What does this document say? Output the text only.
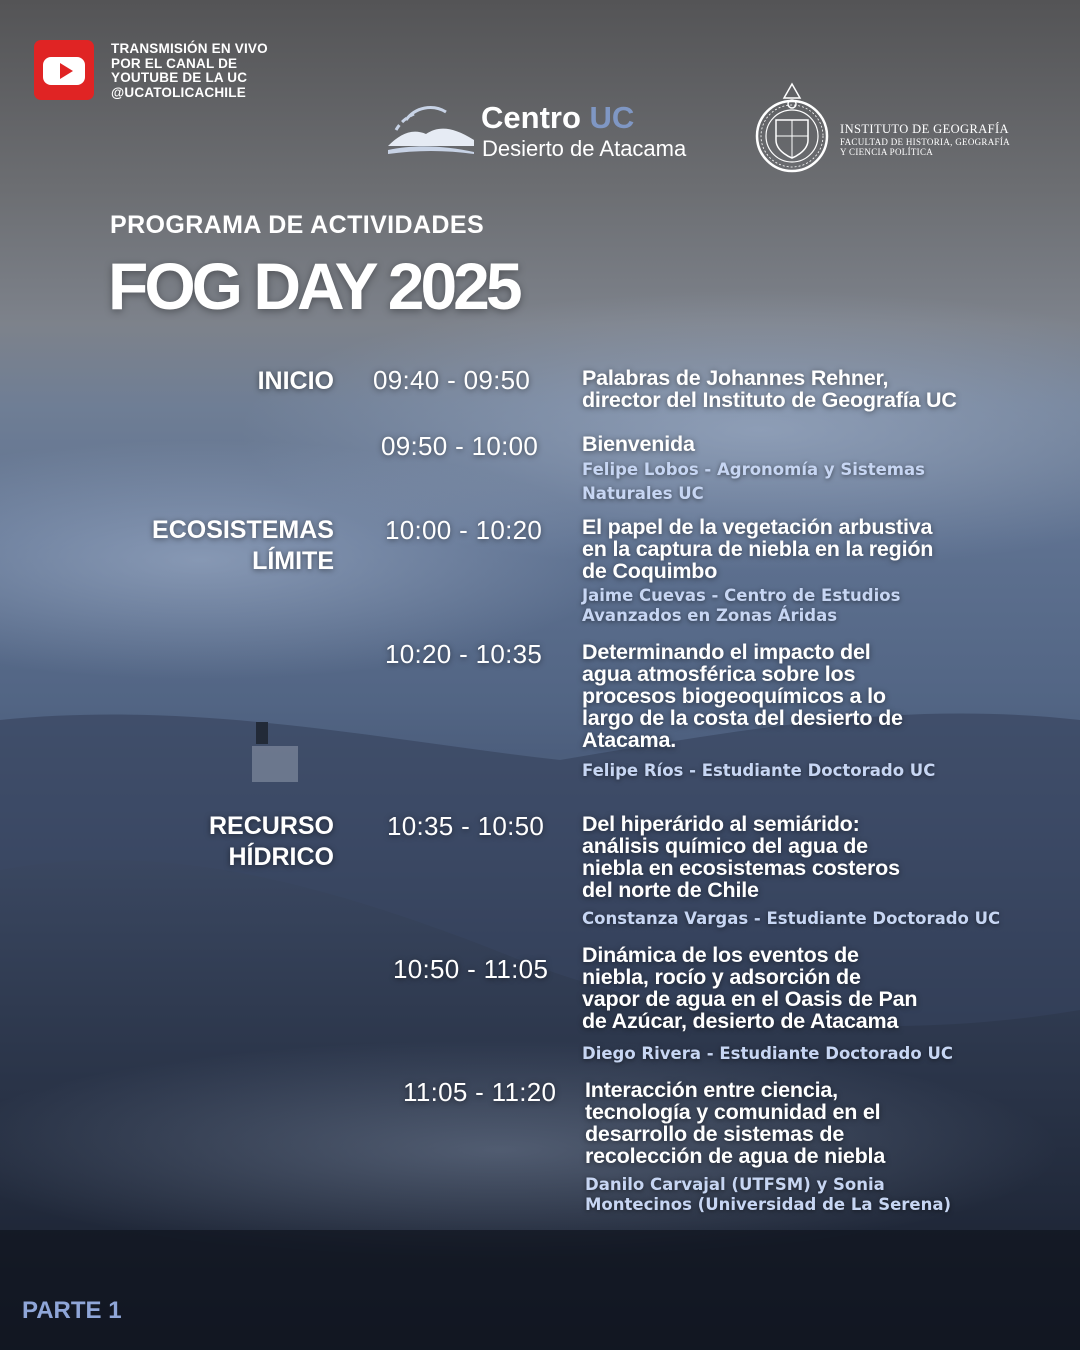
TRANSMISIÓN EN VIVO
POR EL CANAL DE
YOUTUBE DE LA UC
@UCATOLICACHILE
Centro UC
Desierto de Atacama
INSTITUTO DE GEOGRAFÍA
FACULTAD DE HISTORIA, GEOGRAFÍA
Y CIENCIA POLÍTICA
PROGRAMA DE ACTIVIDADES
FOG DAY 2025
INICIO
ECOSISTEMAS
LÍMITE
RECURSO
HÍDRICO
09:40 - 09:50 Palabras de Johannes Rehner,
director del Instituto de Geografía UC
09:50 - 10:00 Bienvenida
Felipe Lobos - Agronomía y Sistemas
Naturales UC
10:00 - 10:20 El papel de la vegetación arbustiva
en la captura de niebla en la región
de Coquimbo
Jaime Cuevas - Centro de Estudios
Avanzados en Zonas Áridas
10:20 - 10:35 Determinando el impacto del
agua atmosférica sobre los
procesos biogeoquímicos a lo
largo de la costa del desierto de
Atacama.
Felipe Ríos - Estudiante Doctorado UC
10:35 - 10:50 Del hiperárido al semiárido:
análisis químico del agua de
niebla en ecosistemas costeros
del norte de Chile
Constanza Vargas - Estudiante Doctorado UC
10:50 - 11:05 Dinámica de los eventos de
niebla, rocío y adsorción de
vapor de agua en el Oasis de Pan
de Azúcar, desierto de Atacama
Diego Rivera - Estudiante Doctorado UC
11:05 - 11:20 Interacción entre ciencia,
tecnología y comunidad en el
desarrollo de sistemas de
recolección de agua de niebla
Danilo Carvajal (UTFSM) y Sonia
Montecinos (Universidad de La Serena)
PARTE 1
